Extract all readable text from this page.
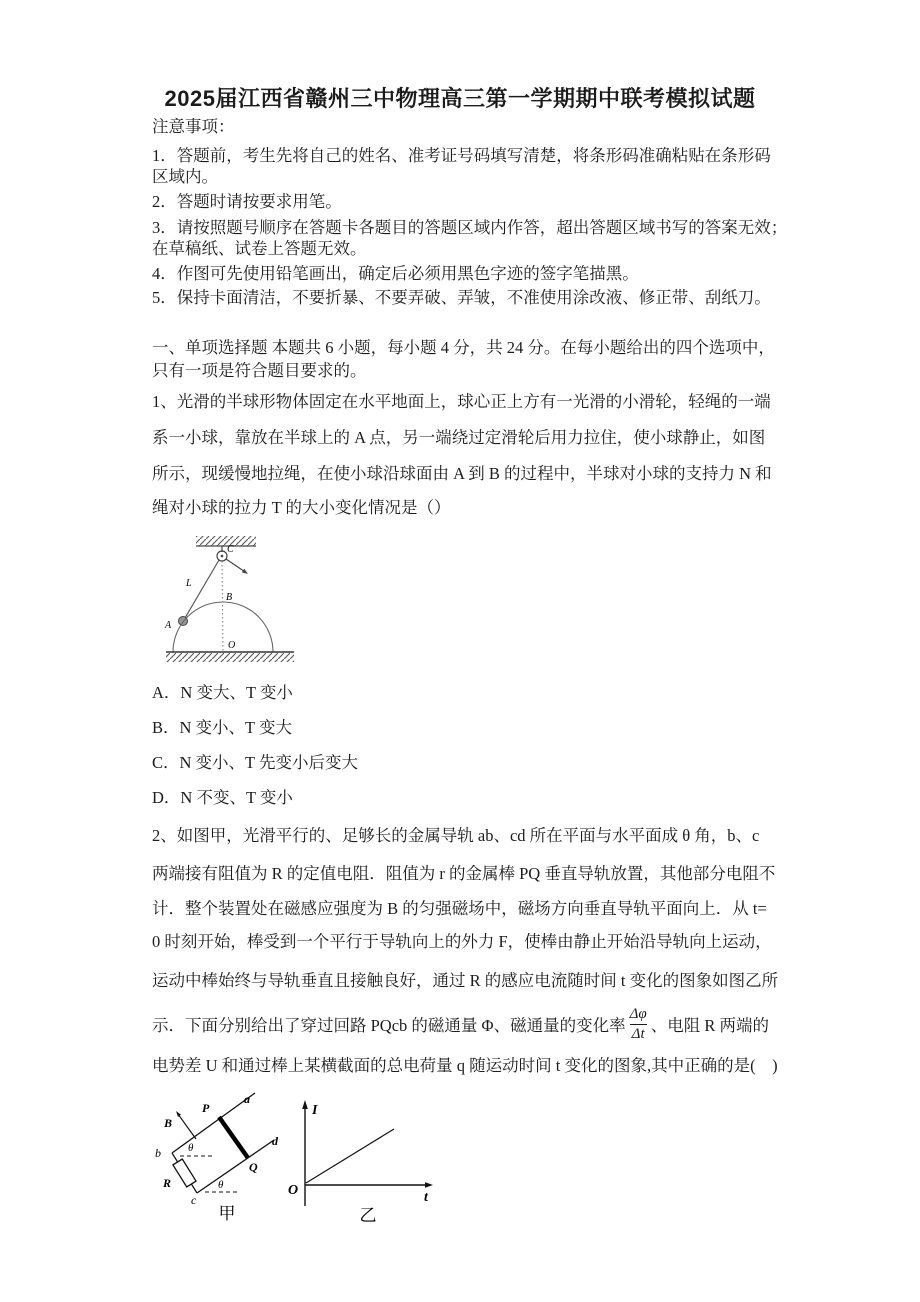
2025届江西省赣州三中物理高三第一学期期中联考模拟试题
注意事项：
1．答题前，考生先将自己的姓名、准考证号码填写清楚，将条形码准确粘贴在条形码
区域内。
2．答题时请按要求用笔。
3．请按照题号顺序在答题卡各题目的答题区域内作答，超出答题区域书写的答案无效；
在草稿纸、试卷上答题无效。
4．作图可先使用铅笔画出，确定后必须用黑色字迹的签字笔描黑。
5．保持卡面清洁，不要折暴、不要弄破、弄皱，不准使用涂改液、修正带、刮纸刀。
一、单项选择题 本题共 6 小题，每小题 4 分，共 24 分。在每小题给出的四个选项中，
只有一项是符合题目要求的。
1、光滑的半球形物体固定在水平地面上，球心正上方有一光滑的小滑轮，轻绳的一端
系一小球，靠放在半球上的 A 点，另一端绕过定滑轮后用力拉住，使小球静止，如图
所示，现缓慢地拉绳，在使小球沿球面由 A 到 B 的过程中，半球对小球的支持力 N 和
绳对小球的拉力 T 的大小变化情况是（）
C
L
A
B
O
A．N 变大、T 变小
B．N 变小、T 变大
C．N 变小、T 先变小后变大
D．N 不变、T 变小
2、如图甲，光滑平行的、足够长的金属导轨 ab、cd 所在平面与水平面成 θ 角，b、c
两端接有阻值为 R 的定值电阻．阻值为 r 的金属棒 PQ 垂直导轨放置，其他部分电阻不
计．整个装置处在磁感应强度为 B 的匀强磁场中，磁场方向垂直导轨平面向上．从 t=
0 时刻开始，棒受到一个平行于导轨向上的外力 F，使棒由静止开始沿导轨向上运动，
运动中棒始终与导轨垂直且接触良好，通过 R 的感应电流随时间 t 变化的图象如图乙所
示．下面分别给出了穿过回路 PQcb 的磁通量 Φ、磁通量的变化率 $\frac{\Delta\varphi}{\Delta t}$ 、电阻 R 两端的
电势差 U 和通过棒上某横截面的总电荷量 q 随运动时间 t 变化的图象,其中正确的是(　)
a
P
Q
B
b θ
R
c
d
θ
甲
I
O	t
乙
